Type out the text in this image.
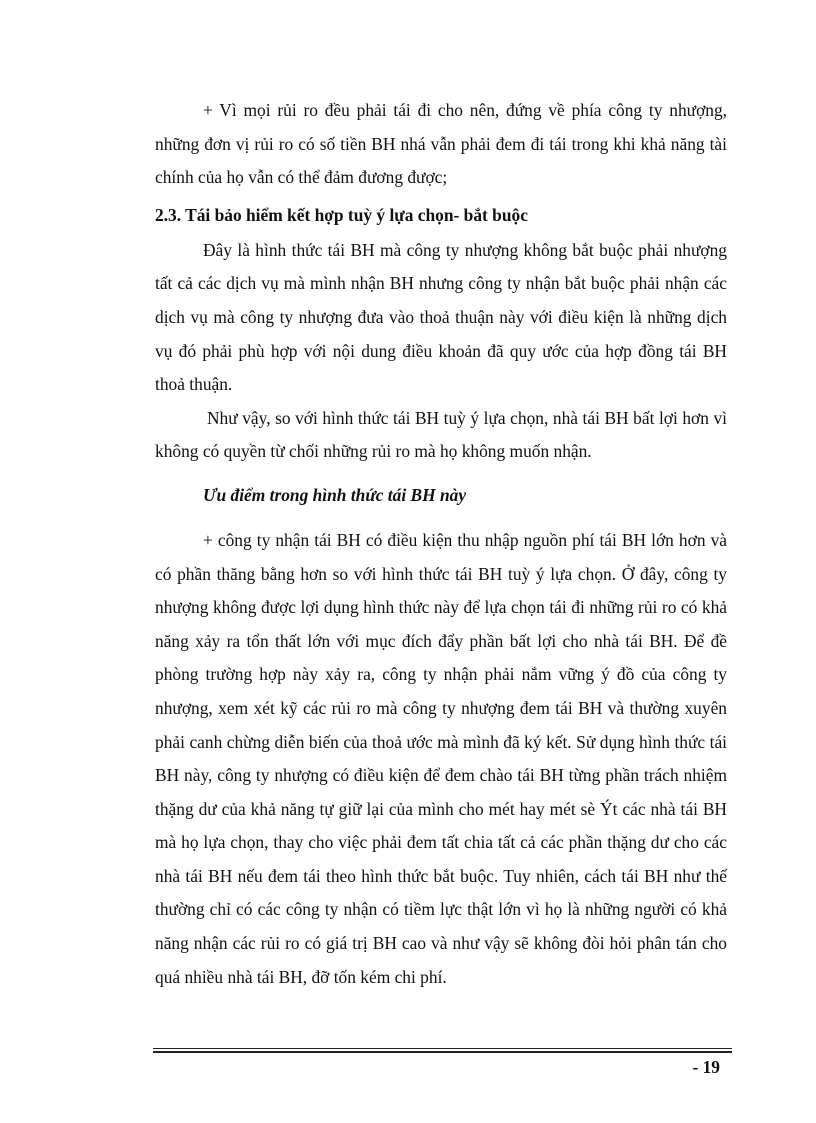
+ Vì mọi rủi ro đều phải tái đi cho nên, đứng về phía công ty nhượng, những đơn vị rủi ro có số tiền BH nhá vẫn phải đem đi tái trong khi khả năng tài chính của họ vẫn có thể đảm đương được;

2.3. Tái bảo hiểm kết hợp tuỳ ý lựa chọn- bắt buộc

Đây là hình thức tái BH mà công ty nhượng không bắt buộc phải nhượng tất cả các dịch vụ mà mình nhận BH nhưng công ty nhận bắt buộc phải nhận các dịch vụ mà công ty nhượng đưa vào thoả thuận này với điều kiện là những dịch vụ đó phải phù hợp với nội dung điều khoản đã quy ước của hợp đồng tái BH thoả thuận.

Như vậy, so với hình thức tái BH tuỳ ý lựa chọn, nhà tái BH bất lợi hơn vì không có quyền từ chối những rủi ro mà họ không muốn nhận.

Ưu điểm trong hình thức tái BH này

+ công ty nhận tái BH có điều kiện thu nhập nguồn phí tái BH lớn hơn và có phần thăng bằng hơn so với hình thức tái BH tuỳ ý lựa chọn. Ở đây, công ty nhượng không được lợi dụng hình thức này để lựa chọn tái đi những rủi ro có khả năng xảy ra tổn thất lớn với mục đích đẩy phần bất lợi cho nhà tái BH. Để đề phòng trường hợp này xảy ra, công ty nhận phải nắm vững ý đồ của công ty nhượng, xem xét kỹ các rủi ro mà công ty nhượng đem tái BH và thường xuyên phải canh chừng diễn biến của thoả ước mà mình đã ký kết. Sử dụng hình thức tái BH này, công ty nhượng có điều kiện để đem chào tái BH từng phần trách nhiệm thặng dư của khả năng tự giữ lại của mình cho mét hay mét sè Ýt các nhà tái BH mà họ lựa chọn, thay cho việc phải đem tất chia tất cả các phần thặng dư cho các nhà tái BH nếu đem tái theo hình thức bắt buộc. Tuy nhiên, cách tái BH như thế thường chỉ có các công ty nhận có tiềm lực thật lớn vì họ là những người có khả năng nhận các rủi ro có giá trị BH cao và như vậy sẽ không đòi hỏi phân tán cho quá nhiều nhà tái BH, đỡ tốn kém chi phí.

- 19
